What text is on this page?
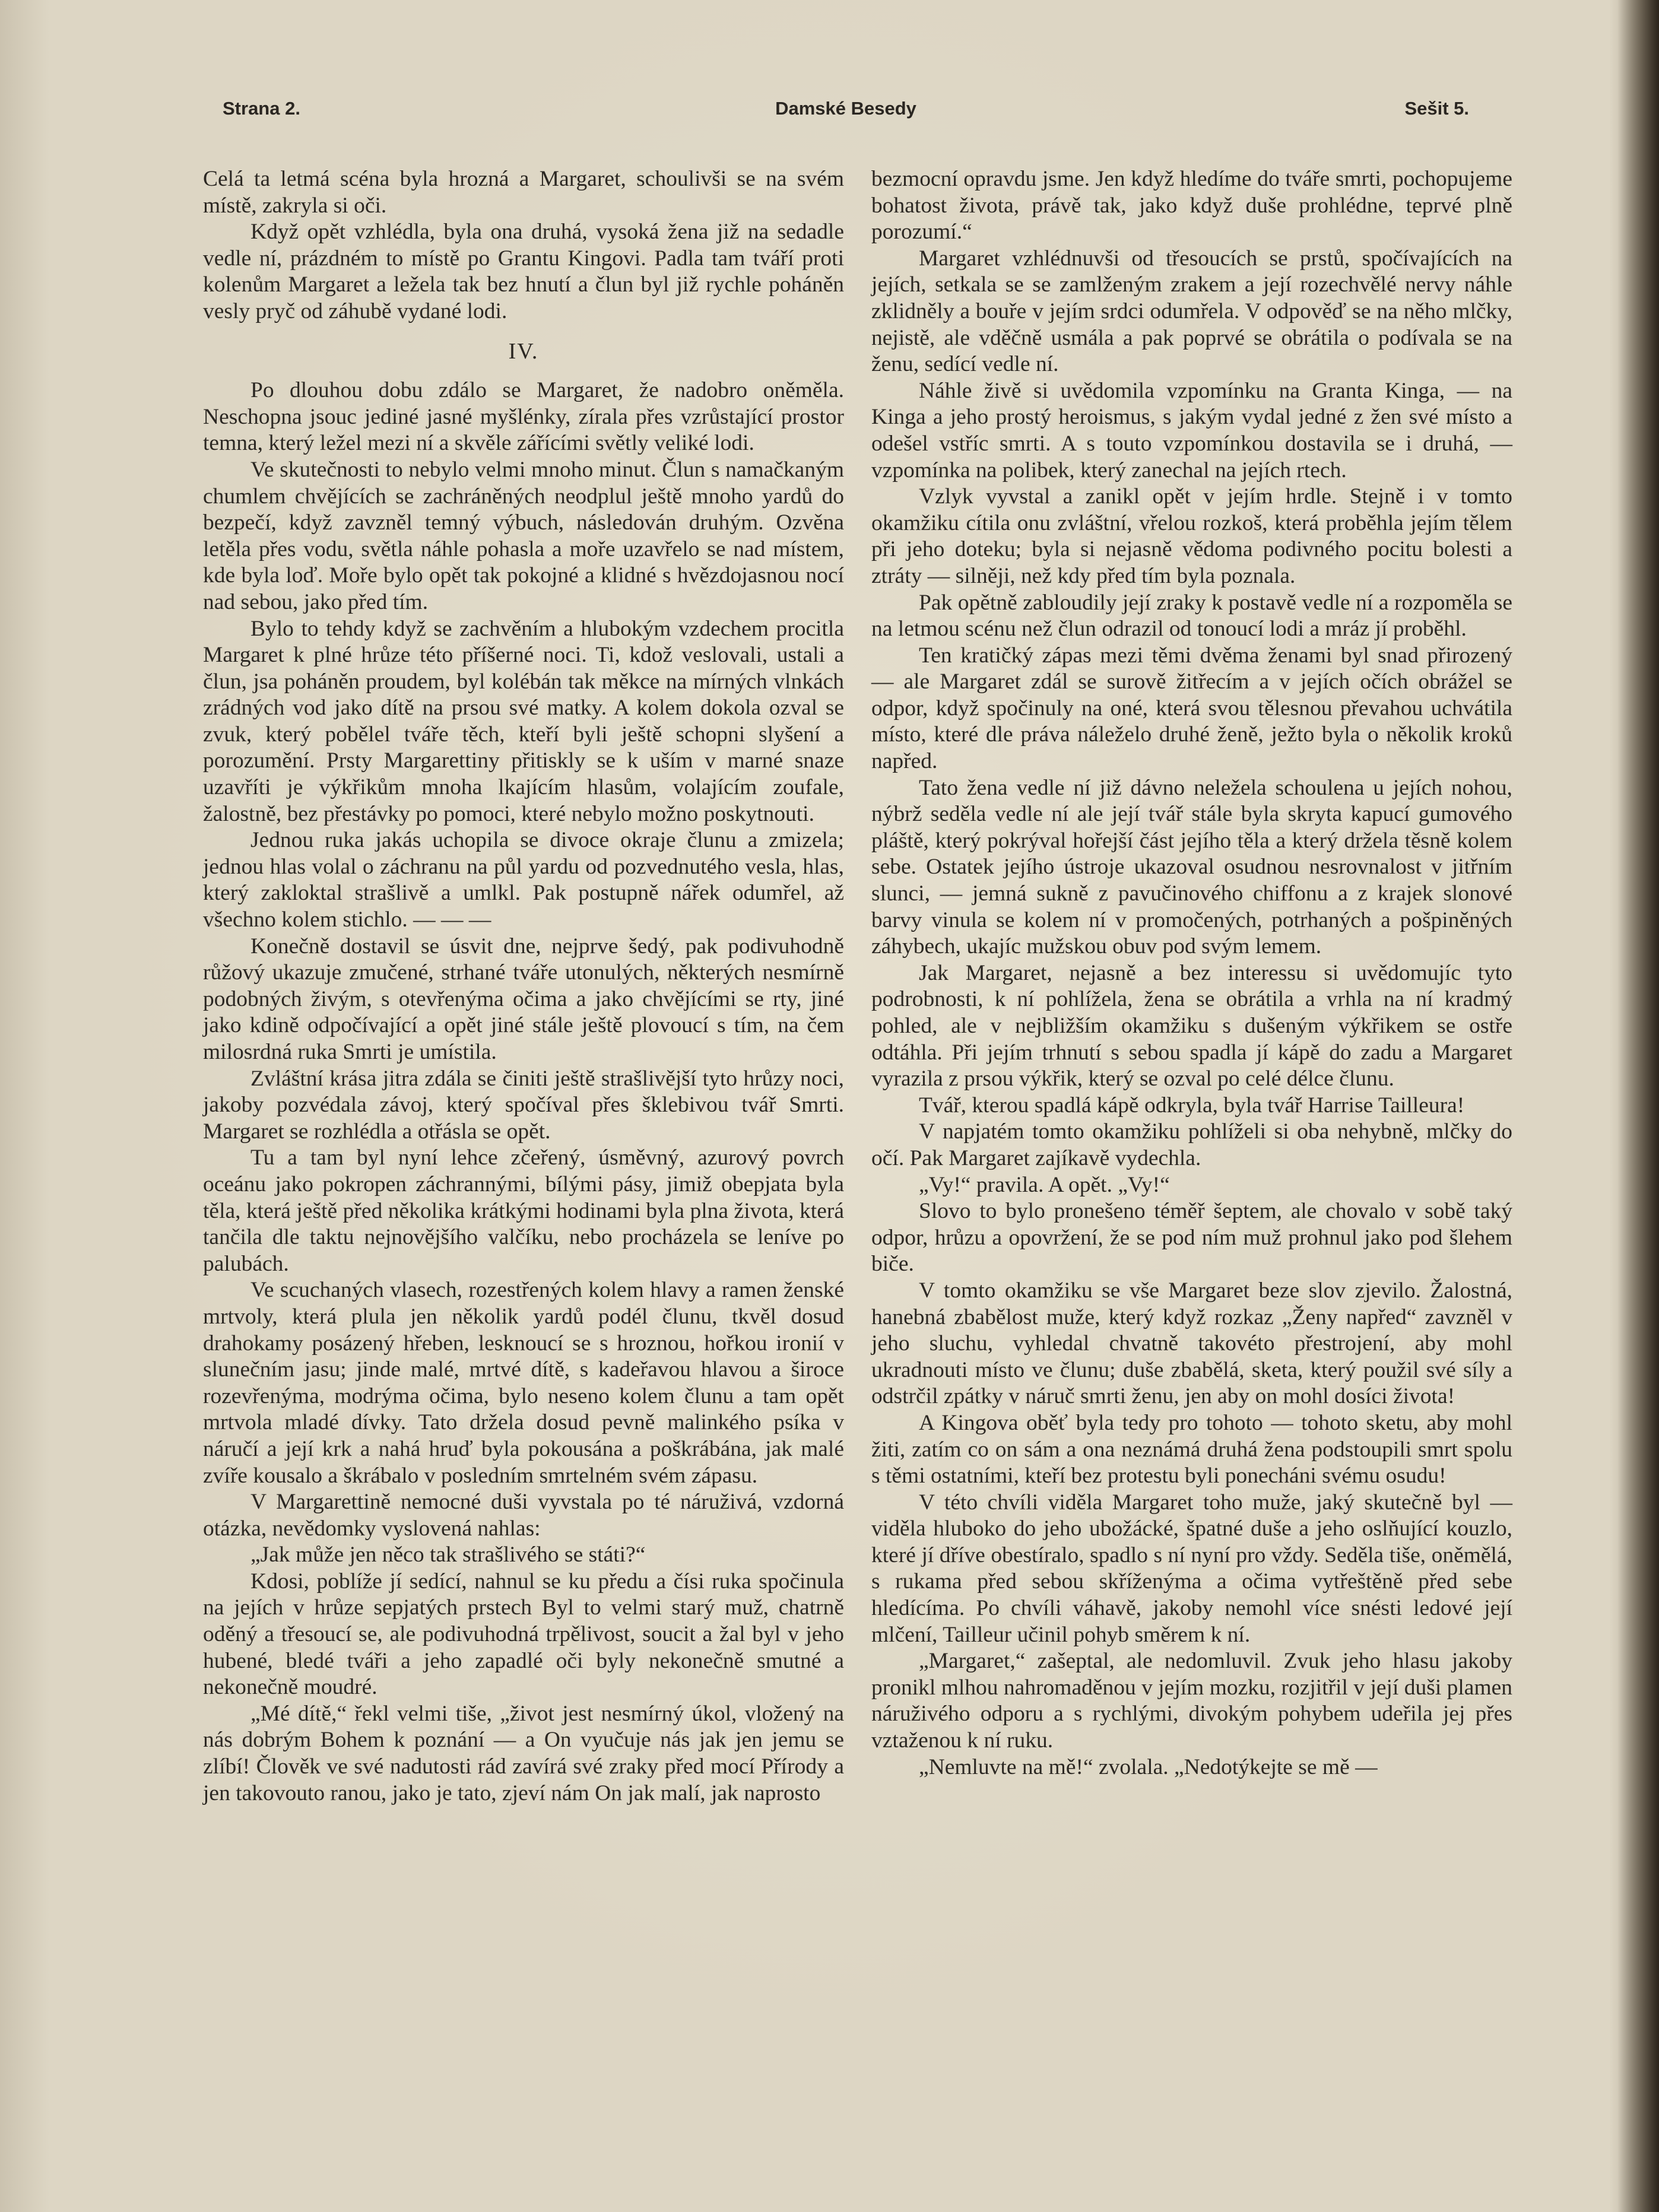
Strana 2.	Damské Besedy	Sešit 5.

Celá ta letmá scéna byla hrozná a Margaret, schoulivši se na svém místě, zakryla si oči.

Když opět vzhlédla, byla ona druhá, vysoká žena již na sedadle vedle ní, prázdném to místě po Grantu Kingovi. Padla tam tváří proti kolenům Margaret a ležela tak bez hnutí a člun byl již rychle poháněn vesly pryč od záhubě vydané lodi.

IV.

Po dlouhou dobu zdálo se Margaret, že nadobro oněměla. Neschopna jsouc jediné jasné myšlénky, zírala přes vzrůstající prostor temna, který ležel mezi ní a skvěle zářícími světly veliké lodi.

Ve skutečnosti to nebylo velmi mnoho minut. Člun s namačkaným chumlem chvějících se zachráněných neodplul ještě mnoho yardů do bezpečí, když zavzněl temný výbuch, následován druhým. Ozvěna letěla přes vodu, světla náhle pohasla a moře uzavřelo se nad místem, kde byla loď. Moře bylo opět tak pokojné a klidné s hvězdojasnou nocí nad sebou, jako před tím.

Bylo to tehdy když se zachvěním a hlubokým vzdechem procitla Margaret k plné hrůze této příšerné noci. Ti, kdož veslovali, ustali a člun, jsa poháněn proudem, byl kolébán tak měkce na mírných vlnkách zrádných vod jako dítě na prsou své matky. A kolem dokola ozval se zvuk, který pobělel tváře těch, kteří byli ještě schopni slyšení a porozumění. Prsty Margarettiny přitiskly se k uším v marné snaze uzavříti je výkřikům mnoha lkajícím hlasům, volajícím zoufale, žalostně, bez přestávky po pomoci, které nebylo možno poskytnouti.

Jednou ruka jakás uchopila se divoce okraje člunu a zmizela; jednou hlas volal o záchranu na půl yardu od pozvednutého vesla, hlas, který zakloktal strašlivě a umlkl. Pak postupně nářek odumřel, až všechno kolem stichlo. — — —

Konečně dostavil se úsvit dne, nejprve šedý, pak podivuhodně růžový ukazuje zmučené, strhané tváře utonulých, některých nesmírně podobných živým, s otevřenýma očima a jako chvějícími se rty, jiné jako kdině odpočívající a opět jiné stále ještě plovoucí s tím, na čem milosrdná ruka Smrti je umístila.

Zvláštní krása jitra zdála se činiti ještě strašlivější tyto hrůzy noci, jakoby pozvédala závoj, který spočíval přes šklebivou tvář Smrti. Margaret se rozhlédla a otřásla se opět.

Tu a tam byl nyní lehce zčeřený, úsměvný, azurový povrch oceánu jako pokropen záchrannými, bílými pásy, jimiž obepjata byla těla, která ještě před několika krátkými hodinami byla plna života, která tančila dle taktu nejnovějšího valčíku, nebo procházela se leníve po palubách.

Ve scuchaných vlasech, rozestřených kolem hlavy a ramen ženské mrtvoly, která plula jen několik yardů podél člunu, tkvěl dosud drahokamy posázený hřeben, lesknoucí se s hroznou, hořkou ironií v slunečním jasu; jinde malé, mrtvé dítě, s kadeřavou hlavou a široce rozevřenýma, modrýma očima, bylo neseno kolem člunu a tam opět mrtvola mladé dívky. Tato držela dosud pevně malinkého psíka v náručí a její krk a nahá hruď byla pokousána a poškrábána, jak malé zvíře kousalo a škrábalo v posledním smrtelném svém zápasu.

V Margarettině nemocné duši vyvstala po té náruživá, vzdorná otázka, nevědomky vyslovená nahlas:

„Jak může jen něco tak strašlivého se státi?“

Kdosi, poblíže jí sedící, nahnul se ku předu a čísi ruka spočinula na jejích v hrůze sepjatých prstech Byl to velmi starý muž, chatrně oděný a třesoucí se, ale podivuhodná trpělivost, soucit a žal byl v jeho hubené, bledé tváři a jeho zapadlé oči byly nekonečně smutné a nekonečně moudré.

„Mé dítě,“ řekl velmi tiše, „život jest nesmírný úkol, vložený na nás dobrým Bohem k poznání — a On vyučuje nás jak jen jemu se zlíbí! Člověk ve své nadutosti rád zavírá své zraky před mocí Přírody a jen takovouto ranou, jako je tato, zjeví nám On jak malí, jak naprosto

bezmocní opravdu jsme. Jen když hledíme do tváře smrti, pochopujeme bohatost života, právě tak, jako když duše prohlédne, teprvé plně porozumí.“

Margaret vzhlédnuvši od třesoucích se prstů, spočívajících na jejích, setkala se se zamlženým zrakem a její rozechvělé nervy náhle zklidněly a bouře v jejím srdci odumřela. V odpověď se na něho mlčky, nejistě, ale vděčně usmála a pak poprvé se obrátila o podívala se na ženu, sedící vedle ní.

Náhle živě si uvědomila vzpomínku na Granta Kinga, — na Kinga a jeho prostý heroismus, s jakým vydal jedné z žen své místo a odešel vstříc smrti. A s touto vzpomínkou dostavila se i druhá, — vzpomínka na polibek, který zanechal na jejích rtech.

Vzlyk vyvstal a zanikl opět v jejím hrdle. Stejně i v tomto okamžiku cítila onu zvláštní, vřelou rozkoš, která proběhla jejím tělem při jeho doteku; byla si nejasně vědoma podivného pocitu bolesti a ztráty — silněji, než kdy před tím byla poznala.

Pak opětně zabloudily její zraky k postavě vedle ní a rozpoměla se na letmou scénu než člun odrazil od tonoucí lodi a mráz jí proběhl.

Ten kratičký zápas mezi těmi dvěma ženami byl snad přirozený — ale Margaret zdál se surově žitřecím a v jejích očích obrážel se odpor, když spočinuly na oné, která svou tělesnou převahou uchvátila místo, které dle práva náleželo druhé ženě, ježto byla o několik kroků napřed.

Tato žena vedle ní již dávno neležela schoulena u jejích nohou, nýbrž seděla vedle ní ale její tvář stále byla skryta kapucí gumového pláště, který pokrýval hořejší část jejího těla a který držela těsně kolem sebe. Ostatek jejího ústroje ukazoval osudnou nesrovnalost v jitřním slunci, — jemná sukně z pavučinového chiffonu a z krajek slonové barvy vinula se kolem ní v promočených, potrhaných a pošpiněných záhybech, ukajíc mužskou obuv pod svým lemem.

Jak Margaret, nejasně a bez interessu si uvědomujíc tyto podrobnosti, k ní pohlížela, žena se obrátila a vrhla na ní kradmý pohled, ale v nejbližším okamžiku s dušeným výkřikem se ostře odtáhla. Při jejím trhnutí s sebou spadla jí kápě do zadu a Margaret vyrazila z prsou výkřik, který se ozval po celé délce člunu.

Tvář, kterou spadlá kápě odkryla, byla tvář Harrise Tailleura!

V napjatém tomto okamžiku pohlíželi si oba nehybně, mlčky do očí. Pak Margaret zajíkavě vydechla.

„Vy!“ pravila. A opět. „Vy!“

Slovo to bylo pronešeno téměř šeptem, ale chovalo v sobě taký odpor, hrůzu a opovržení, že se pod ním muž prohnul jako pod šlehem biče.

V tomto okamžiku se vše Margaret beze slov zjevilo. Žalostná, hanebná zbabělost muže, který když rozkaz „Ženy napřed“ zavzněl v jeho sluchu, vyhledal chvatně takovéto přestrojení, aby mohl ukradnouti místo ve člunu; duše zbabělá, sketa, který použil své síly a odstrčil zpátky v náruč smrti ženu, jen aby on mohl dosíci života!

A Kingova oběť byla tedy pro tohoto — tohoto sketu, aby mohl žiti, zatím co on sám a ona neznámá druhá žena podstoupili smrt spolu s těmi ostatními, kteří bez protestu byli ponecháni svému osudu!

V této chvíli viděla Margaret toho muže, jaký skutečně byl — viděla hluboko do jeho ubožácké, špatné duše a jeho oslňující kouzlo, které jí dříve obestíralo, spadlo s ní nyní pro vždy. Seděla tiše, oněmělá, s rukama před sebou skříženýma a očima vytřeštěně před sebe hledícíma. Po chvíli váhavě, jakoby nemohl více snésti ledové její mlčení, Tailleur učinil pohyb směrem k ní.

„Margaret,“ zašeptal, ale nedomluvil. Zvuk jeho hlasu jakoby pronikl mlhou nahromaděnou v jejím mozku, rozjitřil v její duši plamen náruživého odporu a s rychlými, divokým pohybem udeřila jej přes vztaženou k ní ruku.

„Nemluvte na mě!“ zvolala. „Nedotýkejte se mě —
